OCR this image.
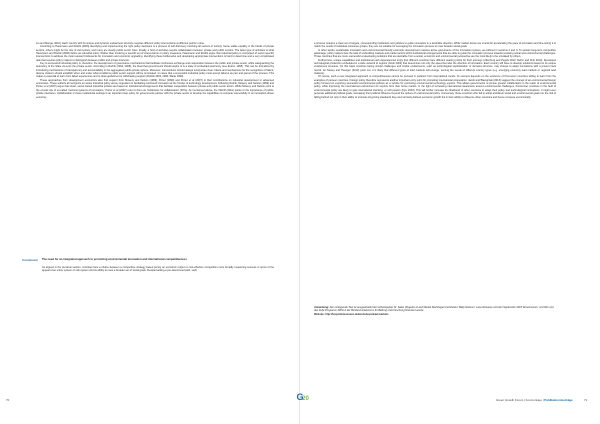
Lin and Monga, 2010). Each country with its unique and dynamic endowment structure requires different policy interventions at different points in time.

According to Hausmann and Rodrik (2003) identifying and implementing the right policy decisions is a process of self-discovery involving all sectors of society. Some stable equality in the hands of private sectors, others might be the role of civil society, and many are clearly public sector roles. Finally, a host of activities require collaboration between private and public sectors. The latter type of activities is what Hausmann and Rodrik (2006) define as industrial policy. Rather than involving a specific set of interventions or policy measures, Hausmann and Rodrik argue that industrial policy is composed of sector-specific interventions to address the most relevant bottlenecks for innovation and economic upgrading. Identifying these bottlenecks and developing appropriate interventions is hard to determine and a very complicated task that requires policy makers to distinguish between public and private interests.

Key to successful industrial policy is, therefore, the development of governance mechanisms that facilitate continuous exchange and cooperation between the public and private sector, while safeguarding the autonomy of the State vis-à-vis the private sector. According to Rodrik (2004, 2008), the ideal that governments should aspire to is a state of embedded autonomy (see Evans, 1995). This can be formalized by introducing mechanisms of transparency and accountability in the aggregated public-private sphere. Moreover, interventions should always incorporate clear criteria and mechanisms for the recognition of failure; diverse clusters should establish when and under what conditions public sector support will be terminated. In cases that a successful industrial policy must accept failures as part and parcel of the process. This makes it essential to learn from failed experiences and to draw guidelines for withdrawing support (Rodrik 2004, 2006; Wade 1990).

These approaches from development economics also find support from Mowery and Nelson (1999), Porter (1990) and Porter et al (2007) in their contributions on industrial development in advanced economies. These authors all recognize an active industrial policy as key ingredient in facilitating continued innovation at the frontier of technology development. Following Rodrik, Mowery and Nelson (1999) and Porter et al (2007) argue that smart, sector-based industrial policies are based on institutional arrangements that facilitate cooperation between private and public sector actors. While Mowery and Nelson point to the crucial role of so-called 'sectoral systems of innovation,' Porter et al (2007) refer to them as 'institutions for collaboration' (IFCs). As mentioned above, the OECD (2011) points to the importance of public-private interfaces. Collaboration in these institutional settings is an important step policy for governments partner with the private sector to develop the capabilities to compete successfully in an innovation-driven economy.

Conclusion The need for an integrated approach to promoting environmental innovation and international competitiveness

As argued in the previous section, countries face a choice between a competitive strategy based purely on economic output or cost-effective competition more broadly measuring success in terms of the appeal of an entire system or sub-system and its ability to meet a broader set of social goals. Despite lacking a pre-determined path, such

70

a process requires a clear set of targets, corresponding institutions and policies to guide innovation in a desirable direction. While market forces are crucial for accelerating the pace of innovation and fine-tuning it to match the needs of individual consumer groups, they are not suitable for leveraging the innovation process to meet broader social goals.

In other words, sustainable innovation and environmental-friendly economic development requires active governance of the innovation system, as outlined in sections 2 and 3. To sustain long-term competitive advantage, policy makers face the task of embedding markets and market actors within institutional arrangements that are able to guide the innovation process towards resolving social and environmental challenges. Those countries that are more successful at developing solutions that are desirable from a social, economic and environmental perspective are the most likely to be emulated by others.

Furthermore, unique capabilities and institutional path dependencies imply that different countries face different starting points for their journeys (Altenburg and Pegels 2012; Rehm and Fink 2014). Developed technological production embedded in a wide network of regions (Cook 2004) that determines not only the speed but also the direction of innovation. Each country will have to develop solutions based on its unique endowment structure. On this basis countries facing similar challenges and similar endowments, such as technological sophistication or demand structure, may choose to adopt innovations with a proven track record. As Tassey and Huenger (2012) point out, it is likely that different types of lead markets will emerge, serving the needs of different country types (e.g. emerging economy lead markets or regional lead markets).

Of course, such a new integrated approach to competitiveness cannot be pursued in isolation from international trends. Its success depends on the existence of first-mover countries willing to learn from the examples of pioneer countries. Foreign policy therefore represents another important entry point for promoting international cooperation. Jacob and Blazejczak (2013) suggest the concept of an environmental foreign policy focused on exporting successful environmental policies as a vehicle for promoting environmental technology exports. This allows governments to pursue greater collaboration in the realm of environmental policy, while improving the international environment for exports from their home market. In the light of increasing international awareness around environmental challenges, frontrunner countries in the field of environmental policy are likely to gain international standing, or soft powers (Nye 2004). This will further increase the likelihood of other countries to adopt their policy and technological innovations. It might even generate additional political goals, increasing their political influence beyond the sphere of environmental policy. Conversely, those countries who fail to adopt ambitious social and environmental goals run the risk of falling behind not only in their ability to promote long-living standards they and narrowly defined economic growth but in their ability to influence other countries and hence compete economically.

Anmerkung: Der vorliegende Text ist ausgearbeitet den Arbeitspapier Nr. Sales (Pegeles et and Markel Steinhagen Ferriheiten; Balty Roitsom; Lane Rolsaure und den September 2013 Dimensionen; und Wer und das Fulle Programm-WPU-2 der Bundesministeriums für Bildung und Forschung finanziert wurde.
Website: http://leopoldsmonusen.de/workshops/lead-markets
Green Growth Forum | Konmunique | Publikationsbeiträge	71
G
20
